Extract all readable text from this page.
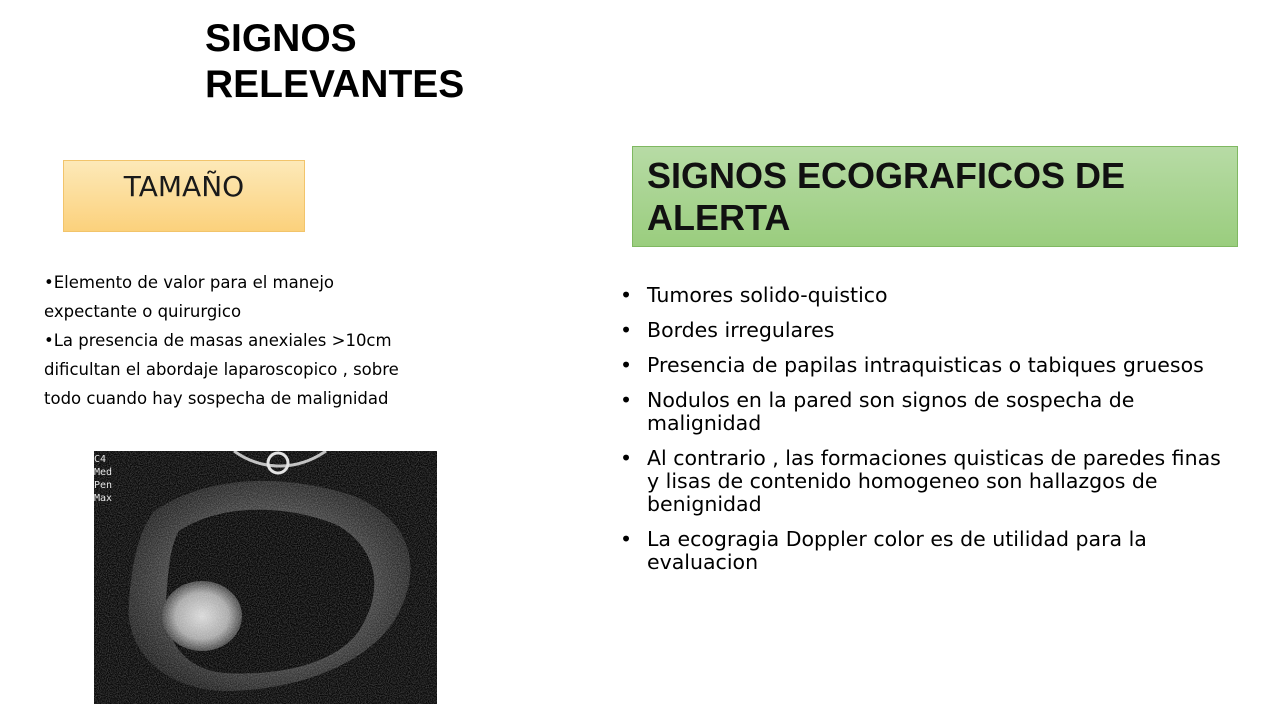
SIGNOS RELEVANTES
TAMAÑO
• Elemento de valor para el manejo expectante o quirurgico
• La presencia de masas anexiales >10cm dificultan el abordaje laparoscopico , sobre todo cuando hay sospecha de malignidad
C4
Med
Pen
Max
SIGNOS ECOGRAFICOS DE ALERTA
• Tumores solido-quistico
• Bordes irregulares
• Presencia de papilas intraquisticas o tabiques gruesos
• Nodulos en la pared son signos de sospecha de malignidad
• Al contrario , las formaciones quisticas de paredes finas y lisas de contenido homogeneo son hallazgos de benignidad
• La ecogragia Doppler color es de utilidad para la evaluacion
